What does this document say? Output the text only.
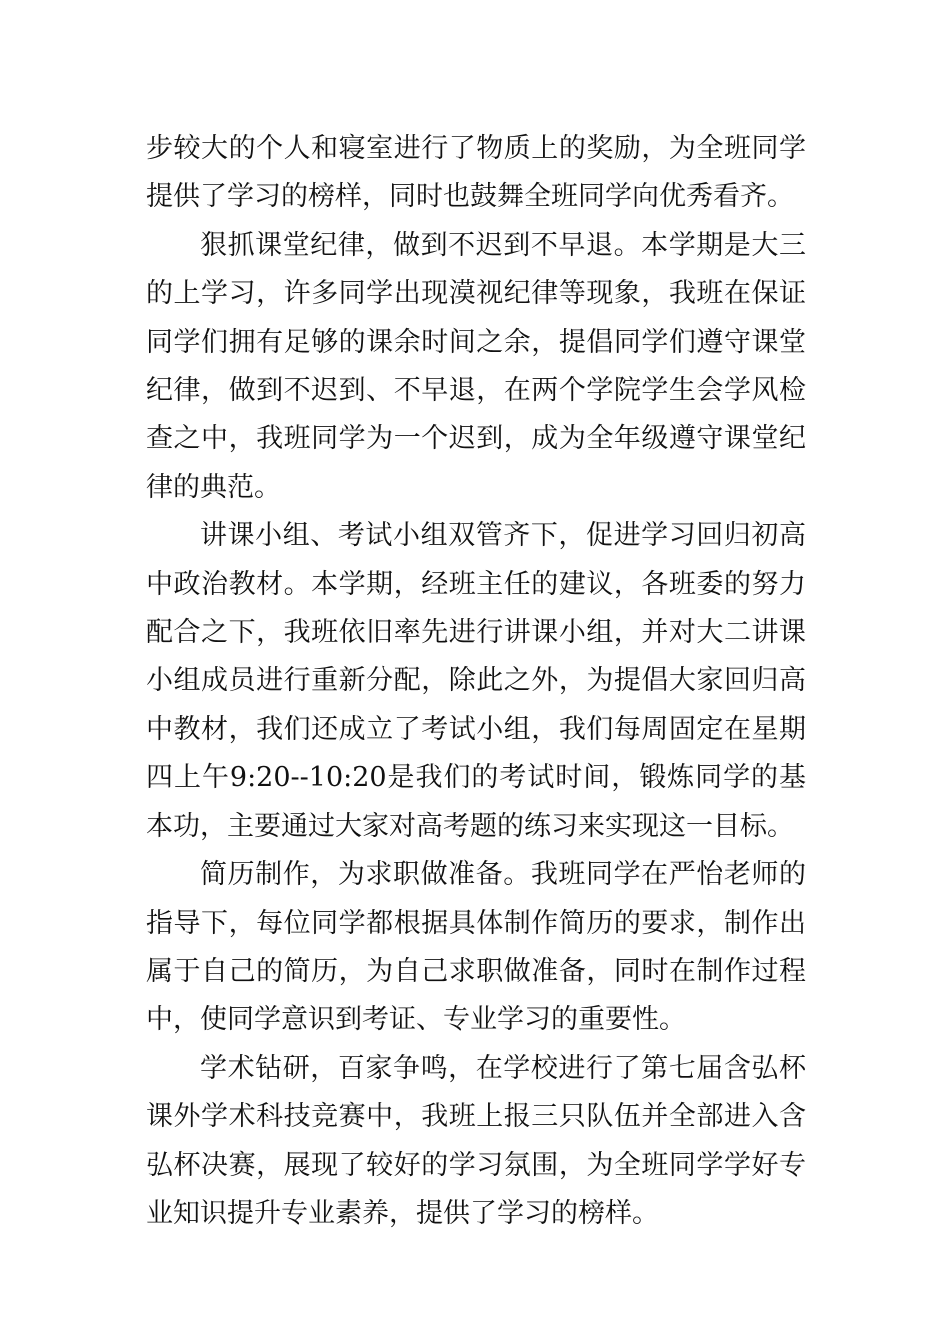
步较大的个人和寝室进行了物质上的奖励，为全班同学提供了学习的榜样，同时也鼓舞全班同学向优秀看齐。

狠抓课堂纪律，做到不迟到不早退。本学期是大三的上学习，许多同学出现漠视纪律等现象，我班在保证同学们拥有足够的课余时间之余，提倡同学们遵守课堂纪律，做到不迟到、不早退，在两个学院学生会学风检查之中，我班同学为一个迟到，成为全年级遵守课堂纪律的典范。

讲课小组、考试小组双管齐下，促进学习回归初高中政治教材。本学期，经班主任的建议，各班委的努力配合之下，我班依旧率先进行讲课小组，并对大二讲课小组成员进行重新分配，除此之外，为提倡大家回归高中教材，我们还成立了考试小组，我们每周固定在星期四上午9:20--10:20是我们的考试时间，锻炼同学的基本功，主要通过大家对高考题的练习来实现这一目标。

简历制作，为求职做准备。我班同学在严怡老师的指导下，每位同学都根据具体制作简历的要求，制作出属于自己的简历，为自己求职做准备，同时在制作过程中，使同学意识到考证、专业学习的重要性。

学术钻研，百家争鸣，在学校进行了第七届含弘杯课外学术科技竞赛中，我班上报三只队伍并全部进入含弘杯决赛，展现了较好的学习氛围，为全班同学学好专业知识提升专业素养，提供了学习的榜样。
